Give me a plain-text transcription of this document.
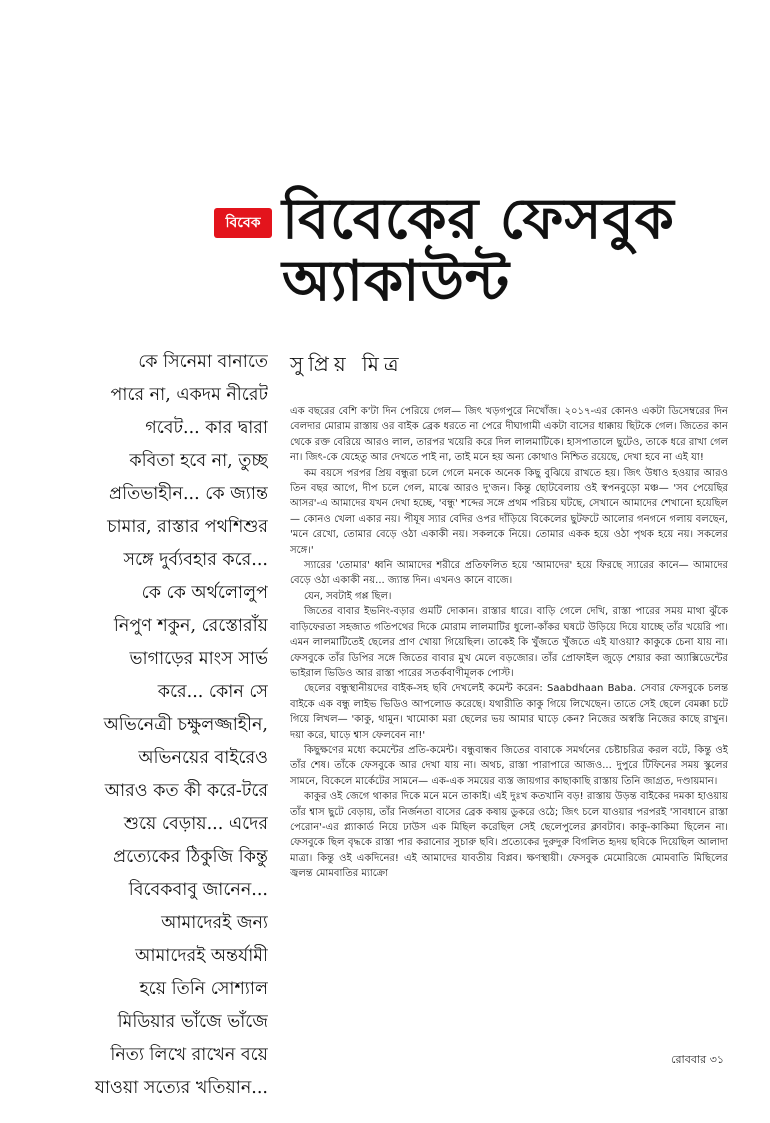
বিবেক বিবেকের ফেসবুক
অ্যাকাউন্ট
কে সিনেমা বানাতে
পারে না, একদম নীরেট
গবেট... কার দ্বারা
কবিতা হবে না, তুচ্ছ
প্রতিভাহীন... কে জ্যান্ত
চামার, রাস্তার পথশিশুর
সঙ্গে দুর্ব্যবহার করে...
কে কে অর্থলোলুপ
নিপুণ শকুন, রেস্তোরাঁয়
ভাগাড়ের মাংস সার্ভ
করে... কোন সে
অভিনেত্রী চক্ষুলজ্জাহীন,
অভিনয়ের বাইরেও
আরও কত কী করে-টরে
শুয়ে বেড়ায়... এদের
প্রত্যেকের ঠিকুজি কিন্তু
বিবেকবাবু জানেন...
আমাদেরই জন্য
আমাদেরই অন্তর্যামী
হয়ে তিনি সোশ্যাল
মিডিয়ার ভাঁজে ভাঁজে
নিত্য লিখে রাখেন বয়ে
যাওয়া সত্যের খতিয়ান...
সুপ্রিয় মিত্র

এক বছরের বেশি ক'টা দিন পেরিয়ে গেল— জিৎ খড়গপুরে নিখোঁজ। ২০১৭-এর কোনও একটা ডিসেম্বরের দিন বেলদার মোরাম রাস্তায় ওর বাইক ব্রেক ধরতে না পেরে দীঘাগামী একটা বাসের ধাক্কায় ছিটকে গেল। জিতের কান থেকে রক্ত বেরিয়ে আরও লাল, তারপর খয়েরি করে দিল লালমাটিকে। হাসপাতালে ছুটেও, তাকে ধরে রাখা গেল না। জিৎ-কে যেহেতু আর দেখতে পাই না, তাই মনে হয় অন্য কোথাও নিশ্চিত রয়েছে, দেখা হবে না এই যা!

কম বয়সে পরপর প্রিয় বন্ধুরা চলে গেলে মনকে অনেক কিছু বুঝিয়ে রাখতে হয়। জিৎ উধাও হওয়ার আরও তিন বছর আগে, দীপ চলে গেল, মাঝে আরও দু'জন। কিন্তু ছোটবেলায় ওই স্বপনবুড়ো মঞ্চ— 'সব পেয়েছির আসর'-এ আমাদের যখন দেখা হচ্ছে, 'বন্ধু' শব্দের সঙ্গে প্রথম পরিচয় ঘটছে, সেখানে আমাদের শেখানো হয়েছিল— কোনও খেলা একার নয়। পীযূষ স্যার বেদির ওপর দাঁড়িয়ে বিকেলের ছুটফটে আলোর গনগনে গলায় বলছেন, 'মনে রেখো, তোমার বেড়ে ওঠা একাকী নয়। সকলকে নিয়ে। তোমার একক হয়ে ওঠা পৃথক হয়ে নয়। সকলের সঙ্গে।'

স্যারের 'তোমার' ধ্বনি আমাদের শরীরে প্রতিফলিত হয়ে 'আমাদের' হয়ে ফিরছে স্যারের কানে— আমাদের বেড়ে ওঠা একাকী নয়... জ্যান্ত দিন। এখনও কানে বাজে।

যেন, সবটাই গপ্প ছিল।

জিতের বাবার ইভনিং-বড়ার গুমটি দোকান। রাস্তার ধারে। বাড়ি গেলে দেখি, রাস্তা পারের সময় মাথা ঝুঁকে বাড়িফেরতা সহজাত গতিপথের দিকে মোরাম লালমাটির ধুলো-কাঁকর ঘষটে উড়িয়ে দিয়ে যাচ্ছে তাঁর খয়েরি পা। এমন লালমাটিতেই ছেলের প্রাণ খোয়া গিয়েছিল। তাকেই কি খুঁজতে খুঁজতে এই যাওয়া? কাকুকে চেনা যায় না। ফেসবুকে তাঁর ডিপির সঙ্গে জিতের বাবার মুখ মেলে বড়জোর। তাঁর প্রোফাইল জুড়ে শেয়ার করা অ্যাক্সিডেন্টের ভাইরাল ভিডিও আর রাস্তা পারের সতর্কবাণীমূলক পোস্ট।

ছেলের বন্ধুস্থানীয়দের বাইক-সহ ছবি দেখলেই কমেন্ট করেন: Saabdhaan Baba. সেবার ফেসবুকে চলন্ত বাইকে এক বন্ধু লাইভ ভিডিও আপলোড করেছে। যথারীতি কাকু গিয়ে লিখেছেন। তাতে সেই ছেলে বেমক্কা চটে গিয়ে লিখল— 'কাকু, থামুন। খামোকা মরা ছেলের ভয় আমার ঘাড়ে কেন? নিজের অস্বস্তি নিজের কাছে রাখুন। দয়া করে, ঘাড়ে শ্বাস ফেলবেন না!'

কিছুক্ষণের মধ্যে কমেন্টের প্রতি-কমেন্ট। বন্ধুবান্ধব জিতের বাবাকে সমর্থনের চেষ্টাচরিত্র করল বটে, কিন্তু ওই তাঁর শেষ। তাঁকে ফেসবুকে আর দেখা যায় না। অথচ, রাস্তা পারাপারে আজও... দুপুরে টিফিনের সময় স্কুলের সামনে, বিকেলে মার্কেটের সামনে— এক-এক সময়ের ব্যস্ত জায়গার কাছাকাছি রাস্তায় তিনি জাগ্রত, দণ্ডায়মান।

কাকুর ওই জেগে থাকার দিকে মনে মনে তাকাই। এই দুঃখ কতখানি বড়! রাস্তায় উড়ন্ত বাইকের দমকা হাওয়ায় তাঁর শ্বাস ছুটে বেড়ায়, তাঁর নির্জনতা বাসের ব্রেক কষায় ডুকরে ওঠে; জিৎ চলে যাওয়ার পরপরই 'সাবধানে রাস্তা পেরোন'-এর প্ল্যাকার্ড নিয়ে ঢাউস এক মিছিল করেছিল সেই ছেলেপুলের ক্লাবটাব। কাকু-কাকিমা ছিলেন না। ফেসবুকে ছিল বৃদ্ধকে রাস্তা পার করানোর সুচারু ছবি। প্রত্যেকের দুরুদুরু বিগলিত হৃদয় ছবিকে দিয়েছিল আলাদা মাত্রা। কিন্তু ওই একদিনের! এই আমাদের যাবতীয় বিপ্লব। ক্ষণস্থায়ী। ফেসবুক মেমোরিজে মোমবাতি মিছিলের জ্বলন্ত মোমবাতির ম্যাক্রো

রোববার ৩১
